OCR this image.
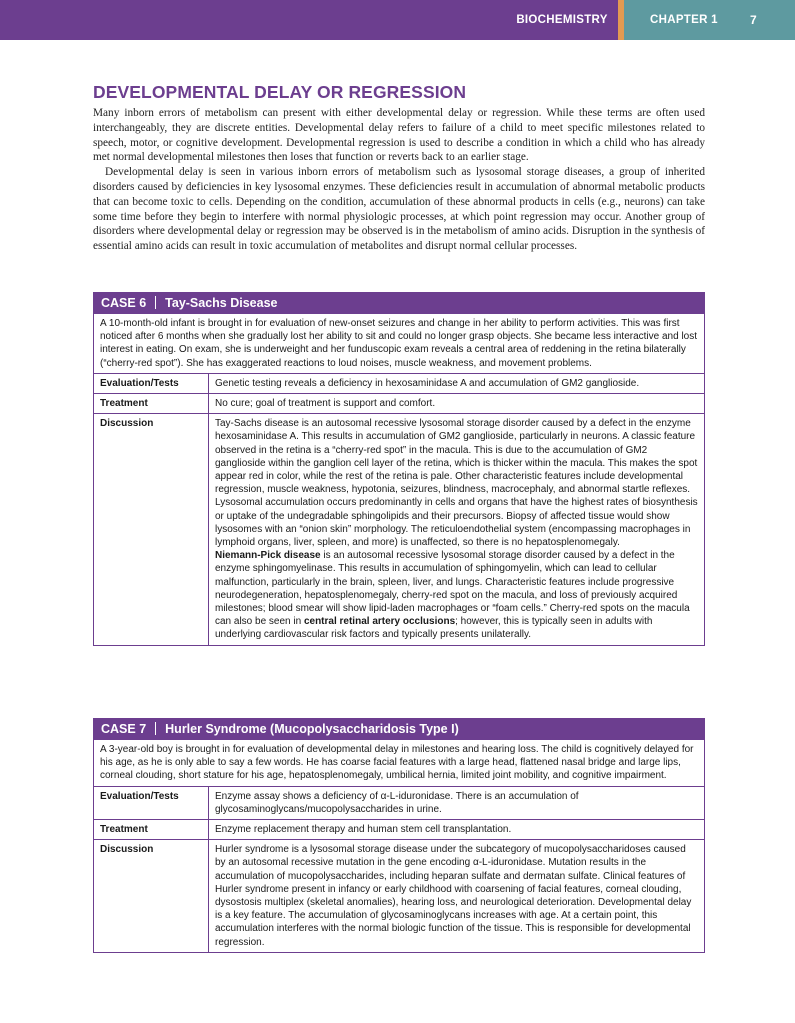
BIOCHEMISTRY	CHAPTER 1	7
DEVELOPMENTAL DELAY OR REGRESSION

Many inborn errors of metabolism can present with either developmental delay or regression. While these terms are often used interchangeably, they are discrete entities. Developmental delay refers to failure of a child to meet specific milestones related to speech, motor, or cognitive development. Developmental regression is used to describe a condition in which a child who has already met normal developmental milestones then loses that function or reverts back to an earlier stage.

Developmental delay is seen in various inborn errors of metabolism such as lysosomal storage diseases, a group of inherited disorders caused by deficiencies in key lysosomal enzymes. These deficiencies result in accumulation of abnormal metabolic products that can become toxic to cells. Depending on the condition, accumulation of these abnormal products in cells (e.g., neurons) can take some time before they begin to interfere with normal physiologic processes, at which point regression may occur. Another group of disorders where developmental delay or regression may be observed is in the metabolism of amino acids. Disruption in the synthesis of essential amino acids can result in toxic accumulation of metabolites and disrupt normal cellular processes.

CASE 6 Tay-Sachs Disease
A 10-month-old infant is brought in for evaluation of new-onset seizures and change in her ability to perform activities. This was first noticed after 6 months when she gradually lost her ability to sit and could no longer grasp objects. She became less interactive and lost interest in eating. On exam, she is underweight and her funduscopic exam reveals a central area of reddening in the retina bilaterally (“cherry-red spot”). She has exaggerated reactions to loud noises, muscle weakness, and movement problems.
Evaluation/Tests	Genetic testing reveals a deficiency in hexosaminidase A and accumulation of GM2 ganglioside.
Treatment	No cure; goal of treatment is support and comfort.
Discussion	Tay-Sachs disease is an autosomal recessive lysosomal storage disorder caused by a defect in the enzyme hexosaminidase A. This results in accumulation of GM2 ganglioside, particularly in neurons. A classic feature observed in the retina is a “cherry-red spot” in the macula. This is due to the accumulation of GM2 ganglioside within the ganglion cell layer of the retina, which is thicker within the macula. This makes the spot appear red in color, while the rest of the retina is pale. Other characteristic features include developmental regression, muscle weakness, hypotonia, seizures, blindness, macrocephaly, and abnormal startle reflexes. Lysosomal accumulation occurs predominantly in cells and organs that have the highest rates of biosynthesis or uptake of the undegradable sphingolipids and their precursors. Biopsy of affected tissue would show lysosomes with an “onion skin” morphology. The reticuloendothelial system (encompassing macrophages in lymphoid organs, liver, spleen, and more) is unaffected, so there is no hepatosplenomegaly.

Niemann-Pick disease is an autosomal recessive lysosomal storage disorder caused by a defect in the enzyme sphingomyelinase. This results in accumulation of sphingomyelin, which can lead to cellular malfunction, particularly in the brain, spleen, liver, and lungs. Characteristic features include progressive neurodegeneration, hepatosplenomegaly, cherry-red spot on the macula, and loss of previously acquired milestones; blood smear will show lipid-laden macrophages or “foam cells.” Cherry-red spots on the macula can also be seen in central retinal artery occlusions; however, this is typically seen in adults with underlying cardiovascular risk factors and typically presents unilaterally.

CASE 7 Hurler Syndrome (Mucopolysaccharidosis Type I)
A 3-year-old boy is brought in for evaluation of developmental delay in milestones and hearing loss. The child is cognitively delayed for his age, as he is only able to say a few words. He has coarse facial features with a large head, flattened nasal bridge and large lips, corneal clouding, short stature for his age, hepatosplenomegaly, umbilical hernia, limited joint mobility, and cognitive impairment.
Evaluation/Tests	Enzyme assay shows a deficiency of α-L-iduronidase. There is an accumulation of glycosaminoglycans/mucopolysaccharides in urine.
Treatment	Enzyme replacement therapy and human stem cell transplantation.
Discussion	Hurler syndrome is a lysosomal storage disease under the subcategory of mucopolysaccharidoses caused by an autosomal recessive mutation in the gene encoding α-L-iduronidase. Mutation results in the accumulation of mucopolysaccharides, including heparan sulfate and dermatan sulfate. Clinical features of Hurler syndrome present in infancy or early childhood with coarsening of facial features, corneal clouding, dysostosis multiplex (skeletal anomalies), hearing loss, and neurological deterioration. Developmental delay is a key feature. The accumulation of glycosaminoglycans increases with age. At a certain point, this accumulation interferes with the normal biologic function of the tissue. This is responsible for developmental regression.
